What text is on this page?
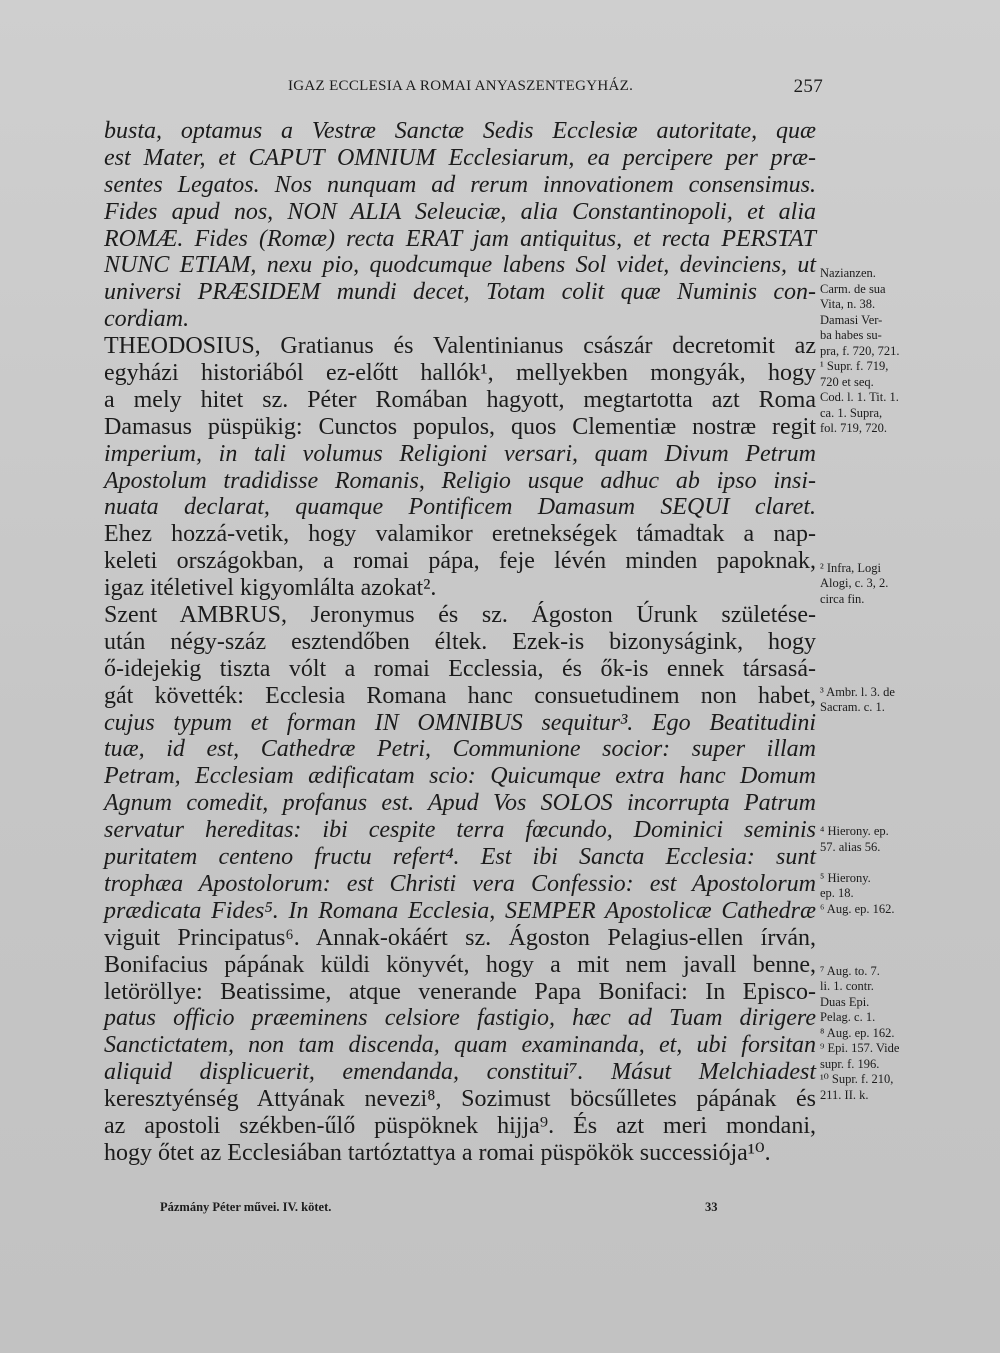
IGAZ ECCLESIA A ROMAI ANYASZENTEGYHÁZ.	257
busta, optamus a Vestræ Sanctæ Sedis Ecclesiæ autoritate, quæ
est Mater, et CAPUT OMNIUM Ecclesiarum, ea percipere per præ-
sentes Legatos. Nos nunquam ad rerum innovationem consensimus.
Fides apud nos, NON ALIA Seleuciæ, alia Constantinopoli, et alia
ROMÆ. Fides (Romæ) recta ERAT jam antiquitus, et recta PERSTAT
NUNC ETIAM, nexu pio, quodcumque labens Sol videt, devinciens, ut
universi PRÆSIDEM mundi decet, Totam colit quæ Numinis con-
cordiam.
THEODOSIUS, Gratianus és Valentinianus császár decretomit az
egyházi historiából ez-előtt hallók¹, mellyekben mongyák, hogy
a mely hitet sz. Péter Romában hagyott, megtartotta azt Roma
Damasus püspükig: Cunctos populos, quos Clementiæ nostræ regit
imperium, in tali volumus Religioni versari, quam Divum Petrum
Apostolum tradidisse Romanis, Religio usque adhuc ab ipso insi-
nuata declarat, quamque Pontificem Damasum SEQUI claret.
Ehez hozzá-vetik, hogy valamikor eretnekségek támadtak a nap-
keleti országokban, a romai pápa, feje lévén minden papoknak,
igaz itéletivel kigyomlálta azokat².
Szent AMBRUS, Jeronymus és sz. Ágoston Úrunk születése-
után négy-száz esztendőben éltek. Ezek-is bizonyságink, hogy
ő-idejekig tiszta vólt a romai Ecclessia, és ők-is ennek társasá-
gát követték: Ecclesia Romana hanc consuetudinem non habet,
cujus typum et forman IN OMNIBUS sequitur³. Ego Beatitudini
tuæ, id est, Cathedræ Petri, Communione socior: super illam
Petram, Ecclesiam ædificatam scio: Quicumque extra hanc Domum
Agnum comedit, profanus est. Apud Vos SOLOS incorrupta Patrum
servatur hereditas: ibi cespite terra fœcundo, Dominici seminis
puritatem centeno fructu refert⁴. Est ibi Sancta Ecclesia: sunt
trophæa Apostolorum: est Christi vera Confessio: est Apostolorum
prædicata Fides⁵. In Romana Ecclesia, SEMPER Apostolicæ Cathedræ
viguit Principatus⁶. Annak-okáért sz. Ágoston Pelagius-ellen írván,
Bonifacius pápának küldi könyvét, hogy a mit nem javall benne,
letöröllye: Beatissime, atque venerande Papa Bonifaci: In Episco-
patus officio præeminens celsiore fastigio, hæc ad Tuam dirigere
Sanctictatem, non tam discenda, quam examinanda, et, ubi forsitan
aliquid displicuerit, emendanda, constitui⁷. Másut Melchiadest
keresztyénség Attyának nevezi⁸, Sozimust böcsűlletes pápának és
az apostoli székben-űlő püspöknek hijja⁹. És azt meri mondani,
hogy őtet az Ecclesiában tartóztattya a romai püspökök successiója¹⁰.
Nazianzen.
Carm. de sua
Vita, n. 38.
Damasi Ver-
ba habes su-
pra, f. 720, 721.
¹ Supr. f. 719,
720 et seq.
Cod. l. 1. Tit. 1.
ca. 1. Supra,
fol. 719, 720.

² Infra, Logi
Alogi, c. 3, 2.
circa fin.

³ Ambr. l. 3. de
Sacram. c. 1.

⁴ Hierony. ep.
57. alias 56.

⁵ Hierony.
ep. 18.
⁶ Aug. ep. 162.

⁷ Aug. to. 7.
li. 1. contr.
Duas Epi.
Pelag. c. 1.
⁸ Aug. ep. 162.
⁹ Epi. 157. Vide
supr. f. 196.
¹⁰ Supr. f. 210,
211. II. k.
Pázmány Péter művei. IV. kötet.	33
